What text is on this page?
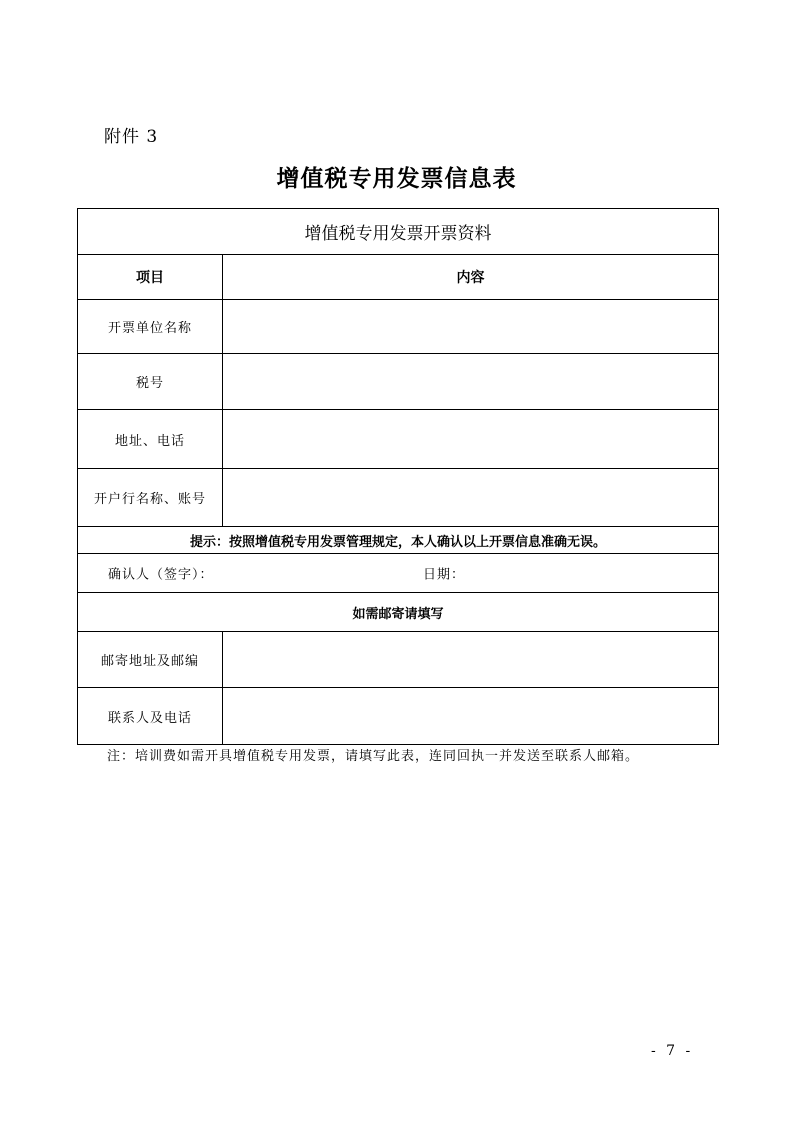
附件 3
增值税专用发票信息表
增值税专用发票开票资料	
项目	内容
开票单位名称	
税号	
地址、电话	
开户行名称、账号	
提示：按照增值税专用发票管理规定，本人确认以上开票信息准确无误。	

确认人（签字）： 日期：	

如需邮寄请填写	
邮寄地址及邮编	
联系人及电话	
注：培训费如需开具增值税专用发票，请填写此表，连同回执一并发送至联系人邮箱。
- 7 -
